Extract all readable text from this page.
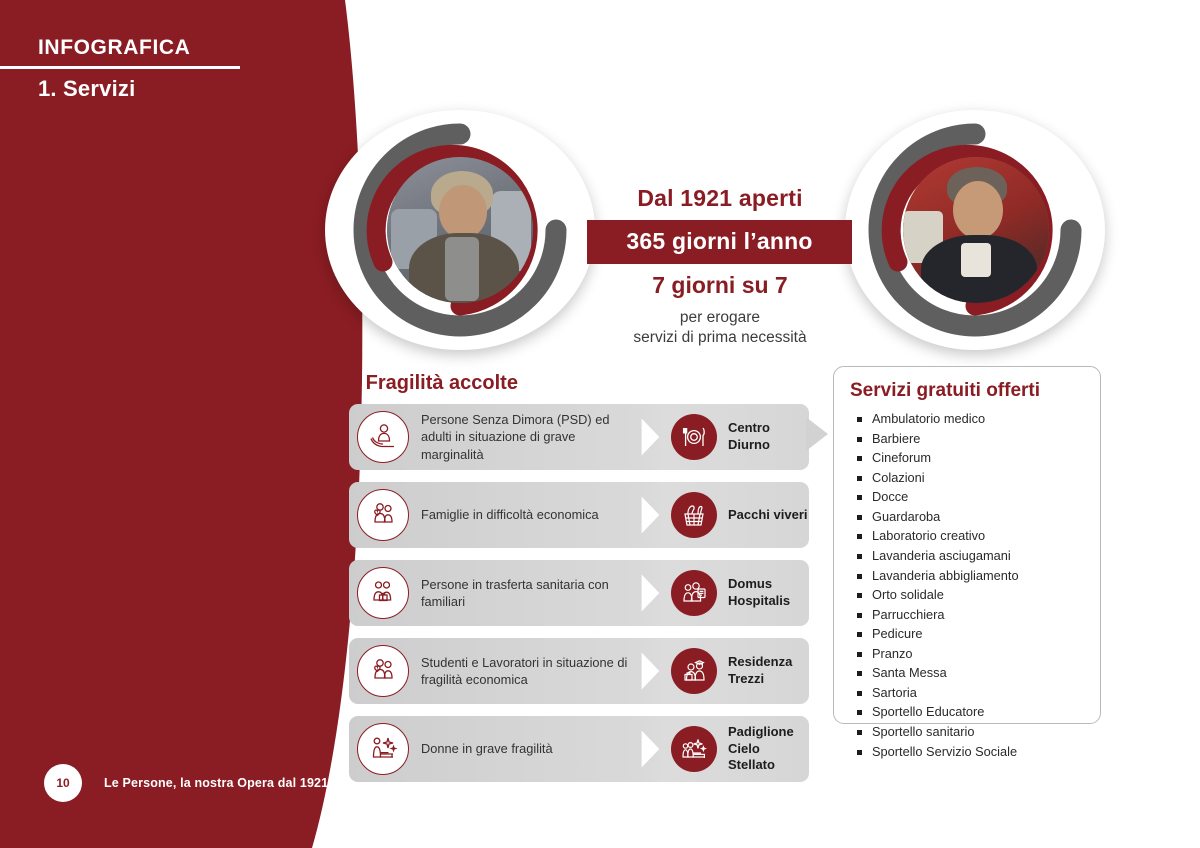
INFOGRAFICA
1. Servizi
10	Le Persone, la nostra Opera dal 1921
Dal 1921 aperti
365 giorni l’anno
7 giorni su 7
per erogare
servizi di prima necessità
5 Fragilità accolte
Persone Senza Dimora (PSD) ed adulti in situazione di grave marginalità
Centro Diurno
Famiglie in difficoltà economica	Pacchi viveri
Persone in trasferta sanitaria con familiari
Domus Hospitalis
Studenti e Lavoratori in situazione di fragilità economica
Residenza Trezzi
Donne in grave fragilità
Padiglione Cielo Stellato
Servizi gratuiti offerti
Ambulatorio medico
Barbiere
Cineforum
Colazioni
Docce
Guardaroba
Laboratorio creativo
Lavanderia asciugamani
Lavanderia abbigliamento
Orto solidale
Parrucchiera
Pedicure
Pranzo
Santa Messa
Sartoria
Sportello Educatore
Sportello sanitario
Sportello Servizio Sociale
